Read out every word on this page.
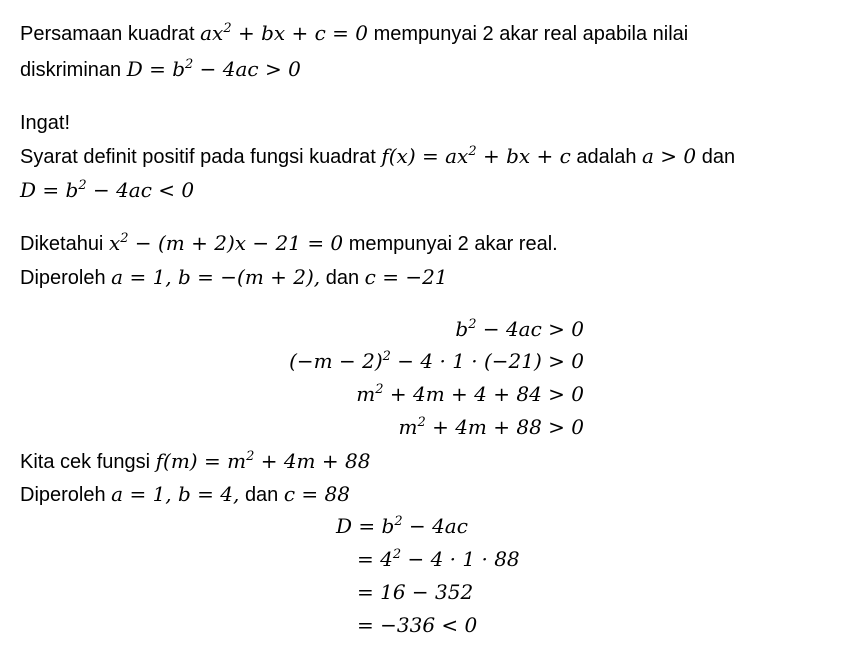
Persamaan kuadrat $ax^2$ + bx + c = 0 mempunyai 2 akar real apabila nilai
diskriminan $D = b^2 - 4ac > 0$
Ingat!
Syarat definit positif pada fungsi kuadrat $f(x) = ax^2$ + bx + c adalah a > 0 dan
$D = b^2 - 4ac < 0$
Diketahui $x^2 - (m + 2)x - 21 = 0$ mempunyai 2 akar real.
Diperoleh a = 1, b = −(m + 2), dan c = −21
$b^2 - 4ac > 0$
$(-m - 2)^2 - 4 \cdot 1 \cdot (-21) > 0$
$m^2 + 4m + 4 + 84 > 0$
$m^2 + 4m + 88 > 0$
Kita cek fungsi $f(m) = m^2 + 4m + 88$
Diperoleh a = 1, b = 4, dan c = 88
$D = b^2 - 4ac$
= $4^2 - 4 \cdot 1 \cdot 88$
= 16 − 352
= −336 < 0
